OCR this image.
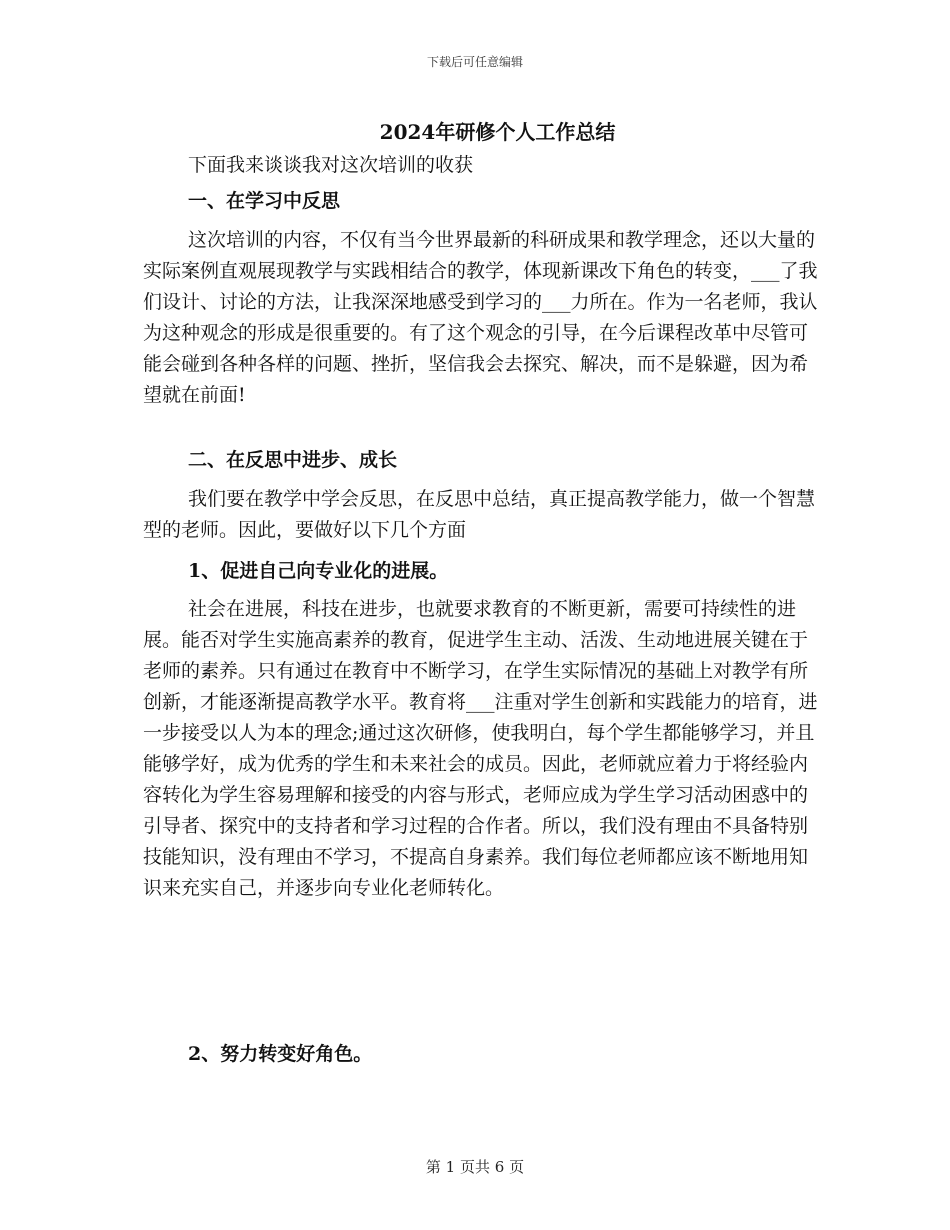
下载后可任意编辑
2024年研修个人工作总结

下面我来谈谈我对这次培训的收获

一、在学习中反思

这次培训的内容，不仅有当今世界最新的科研成果和教学理念，还以大量的实际案例直观展现教学与实践相结合的教学，体现新课改下角色的转变，___了我们设计、讨论的方法，让我深深地感受到学习的___力所在。作为一名老师，我认为这种观念的形成是很重要的。有了这个观念的引导，在今后课程改革中尽管可能会碰到各种各样的问题、挫折，坚信我会去探究、解决，而不是躲避，因为希望就在前面!

二、在反思中进步、成长

我们要在教学中学会反思，在反思中总结，真正提高教学能力，做一个智慧型的老师。因此，要做好以下几个方面

1、促进自己向专业化的进展。

社会在进展，科技在进步，也就要求教育的不断更新，需要可持续性的进展。能否对学生实施高素养的教育，促进学生主动、活泼、生动地进展关键在于老师的素养。只有通过在教育中不断学习，在学生实际情况的基础上对教学有所创新，才能逐渐提高教学水平。教育将___注重对学生创新和实践能力的培育，进一步接受以人为本的理念;通过这次研修，使我明白，每个学生都能够学习，并且能够学好，成为优秀的学生和未来社会的成员。因此，老师就应着力于将经验内容转化为学生容易理解和接受的内容与形式，老师应成为学生学习活动困惑中的引导者、探究中的支持者和学习过程的合作者。所以，我们没有理由不具备特别技能知识，没有理由不学习，不提高自身素养。我们每位老师都应该不断地用知识来充实自己，并逐步向专业化老师转化。

2、努力转变好角色。

第 1 页共 6 页
